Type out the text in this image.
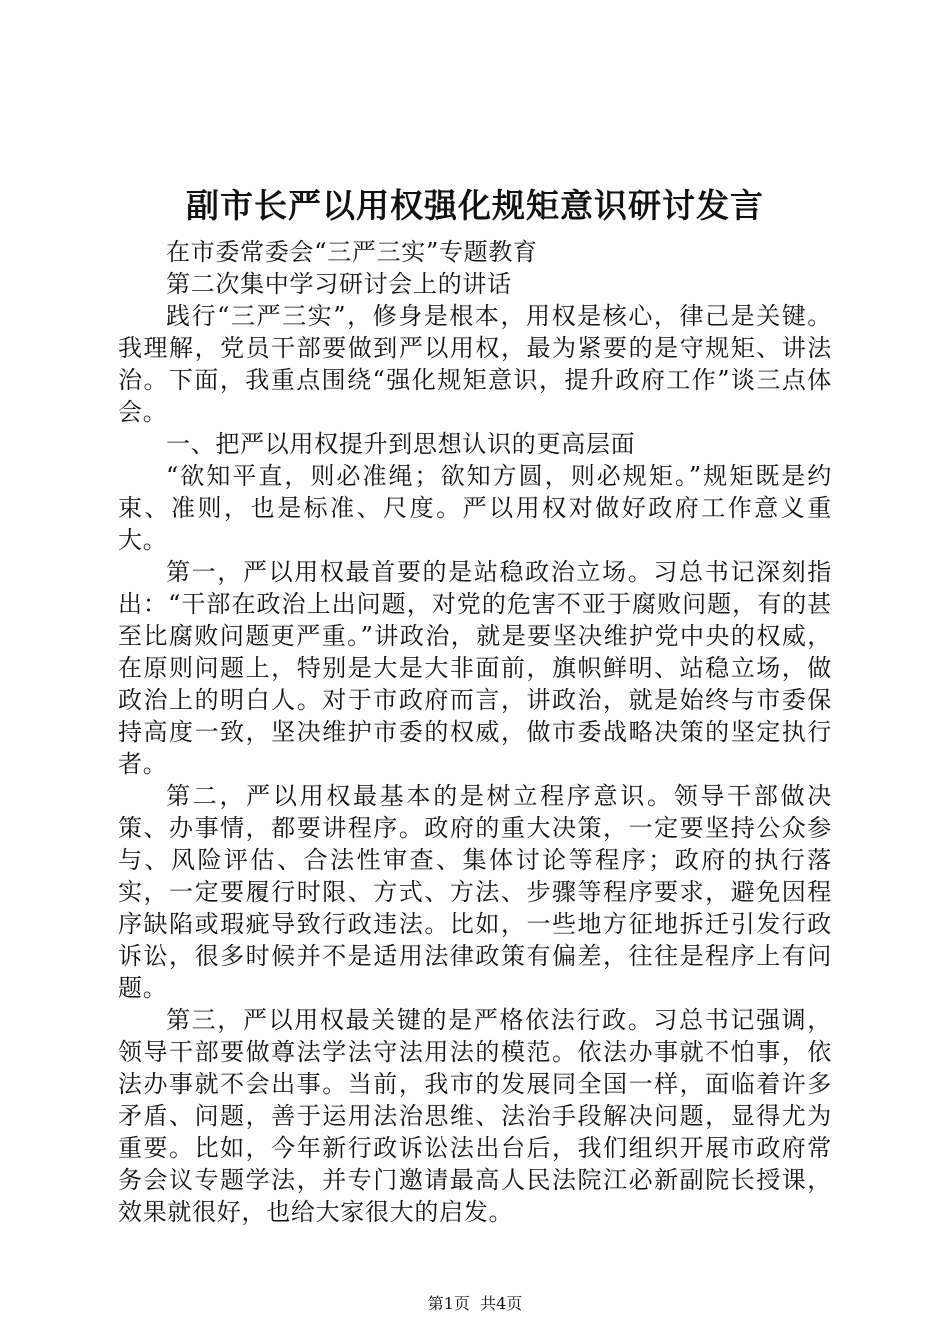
副市长严以用权强化规矩意识研讨发言

在市委常委会“三严三实”专题教育

第二次集中学习研讨会上的讲话

践行“三严三实”，修身是根本，用权是核心，律己是关键。我理解，党员干部要做到严以用权，最为紧要的是守规矩、讲法治。下面，我重点围绕“强化规矩意识，提升政府工作”谈三点体会。

一、把严以用权提升到思想认识的更高层面

“欲知平直，则必准绳；欲知方圆，则必规矩。”规矩既是约束、准则，也是标准、尺度。严以用权对做好政府工作意义重大。

第一，严以用权最首要的是站稳政治立场。习总书记深刻指出：“干部在政治上出问题，对党的危害不亚于腐败问题，有的甚至比腐败问题更严重。”讲政治，就是要坚决维护党中央的权威，在原则问题上，特别是大是大非面前，旗帜鲜明、站稳立场，做政治上的明白人。对于市政府而言，讲政治，就是始终与市委保持高度一致，坚决维护市委的权威，做市委战略决策的坚定执行者。

第二，严以用权最基本的是树立程序意识。领导干部做决策、办事情，都要讲程序。政府的重大决策，一定要坚持公众参与、风险评估、合法性审查、集体讨论等程序；政府的执行落实，一定要履行时限、方式、方法、步骤等程序要求，避免因程序缺陷或瑕疵导致行政违法。比如，一些地方征地拆迁引发行政诉讼，很多时候并不是适用法律政策有偏差，往往是程序上有问题。

第三，严以用权最关键的是严格依法行政。习总书记强调，领导干部要做尊法学法守法用法的模范。依法办事就不怕事，依法办事就不会出事。当前，我市的发展同全国一样，面临着许多矛盾、问题，善于运用法治思维、法治手段解决问题，显得尤为重要。比如，今年新行政诉讼法出台后，我们组织开展市政府常务会议专题学法，并专门邀请最高人民法院江必新副院长授课，效果就很好，也给大家很大的启发。

第1页  共4页
